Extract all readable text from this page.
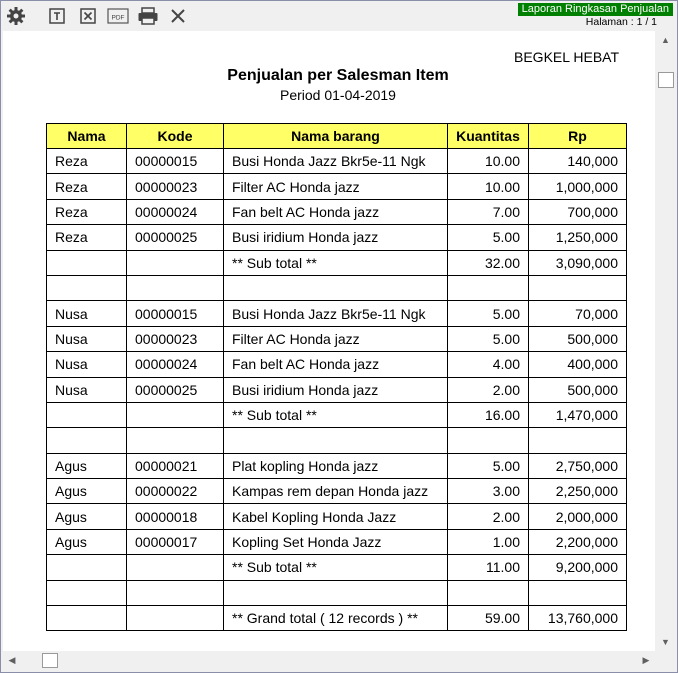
PDF
Laporan Ringkasan Penjualan
Halaman : 1 / 1
BEGKEL HEBAT
Penjualan per Salesman Item
Period 01-04-2019
Nama	Kode	Nama barang	Kuantitas	Rp
Reza	00000015	Busi Honda Jazz Bkr5e-11 Ngk	10.00	140,000
Reza	00000023	Filter AC Honda jazz	10.00	1,000,000
Reza	00000024	Fan belt AC Honda jazz	7.00	700,000
Reza	00000025	Busi iridium Honda jazz	5.00	1,250,000
		** Sub total **	32.00	3,090,000

Nusa	00000015	Busi Honda Jazz Bkr5e-11 Ngk	5.00	70,000
Nusa	00000023	Filter AC Honda jazz	5.00	500,000
Nusa	00000024	Fan belt AC Honda jazz	4.00	400,000
Nusa	00000025	Busi iridium Honda jazz	2.00	500,000
		** Sub total **	16.00	1,470,000

Agus	00000021	Plat kopling Honda jazz	5.00	2,750,000
Agus	00000022	Kampas rem depan Honda jazz	3.00	2,250,000
Agus	00000018	Kabel Kopling Honda Jazz	2.00	2,000,000
Agus	00000017	Kopling Set Honda Jazz	1.00	2,200,000
		** Sub total **	11.00	9,200,000

		** Grand total ( 12 records ) **	59.00	13,760,000
▲
▼
◀	▶
